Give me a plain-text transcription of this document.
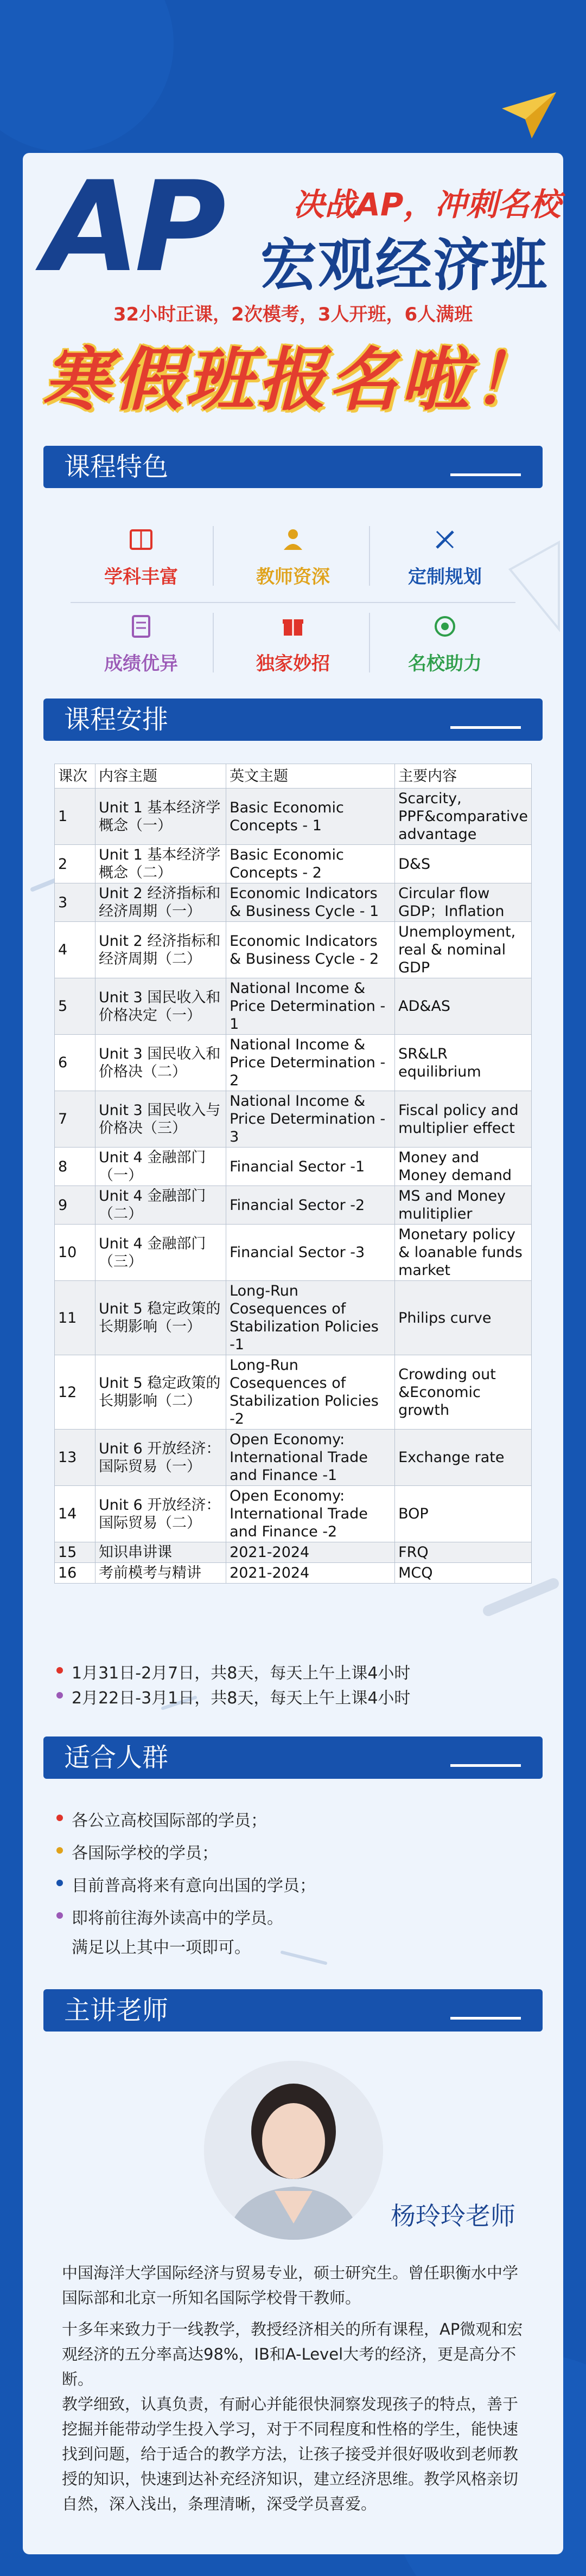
AP 决战AP，冲刺名校
宏观经济班
32小时正课，2次模考，3人开班，6人满班
寒假班报名啦！
课程特色
学科丰富	教师资深	定制规划
成绩优异	独家妙招	名校助力
课程安排
课次	内容主题	英文主题	主要内容
1	Unit 1 基本经济学概念（一）	Basic Economic Concepts - 1	Scarcity, PPF&comparative advantage
2	Unit 1 基本经济学概念（二）	Basic Economic Concepts - 2	D&S
3	Unit 2 经济指标和经济周期（一）	Economic Indicators & Business Cycle - 1	Circular flow GDP；Inflation
4	Unit 2 经济指标和经济周期（二）	Economic Indicators & Business Cycle - 2	Unemployment, real & nominal GDP
5	Unit 3 国民收入和价格决定（一）	National Income & Price Determination - 1	AD&AS
6	Unit 3 国民收入和价格决（二）	National Income & Price Determination - 2	SR&LR equilibrium
7	Unit 3 国民收入与价格决（三）	National Income & Price Determination - 3	Fiscal policy and multiplier effect
8	Unit 4 金融部门（一）	Financial Sector -1	Money and Money demand
9	Unit 4 金融部门（二）	Financial Sector -2	MS and Money mulitiplier
10	Unit 4 金融部门（三）	Financial Sector -3	Monetary policy & loanable funds market
11	Unit 5 稳定政策的长期影响（一）	Long-Run Cosequences of Stabilization Policies -1	Philips curve
12	Unit 5 稳定政策的长期影响（二）	Long-Run Cosequences of Stabilization Policies -2	Crowding out &Economic growth
13	Unit 6 开放经济：国际贸易（一）	Open Economy: International Trade and Finance -1	Exchange rate
14	Unit 6 开放经济：国际贸易（二）	Open Economy: International Trade and Finance -2	BOP
15	知识串讲课	2021-2024	FRQ
16	考前模考与精讲	2021-2024	MCQ
1月31日-2月7日，共8天，每天上午上课4小时
2月22日-3月1日，共8天，每天上午上课4小时
适合人群
各公立高校国际部的学员；
各国际学校的学员；
目前普高将来有意向出国的学员；
即将前往海外读高中的学员。
满足以上其中一项即可。
主讲老师
杨玲玲老师
中国海洋大学国际经济与贸易专业，硕士研究生。曾任职衡水中学国际部和北京一所知名国际学校骨干教师。
十多年来致力于一线教学，教授经济相关的所有课程，AP微观和宏观经济的五分率高达98%，IB和A-Level大考的经济，更是高分不断。
教学细致，认真负责，有耐心并能很快洞察发现孩子的特点，善于挖掘并能带动学生投入学习，对于不同程度和性格的学生，能快速找到问题，给于适合的教学方法，让孩子接受并很好吸收到老师教授的知识，快速到达补充经济知识，建立经济思维。教学风格亲切自然，深入浅出，条理清晰，深受学员喜爱。
